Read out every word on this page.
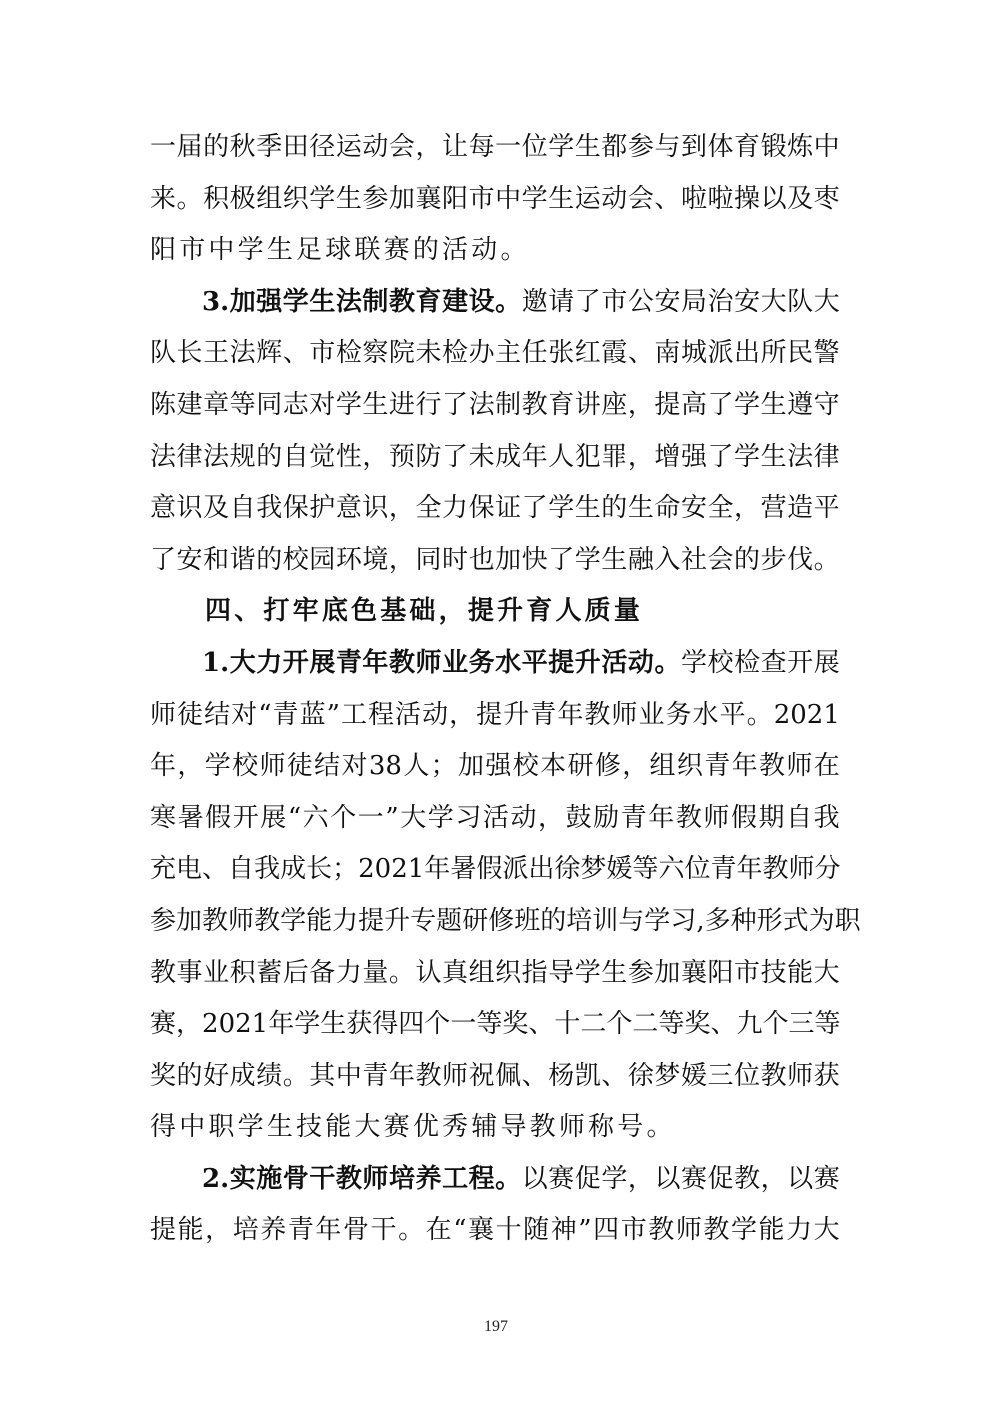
一 届 的 秋 季 田 径 运 动 会 ， 让 每 一 位 学 生 都 参 与 到 体 育 锻 炼 中
来 。 积 极 组 织 学 生 参 加 襄 阳 市 中 学 生 运 动 会 、 啦 啦 操 以 及 枣
阳 市 中 学 生 足 球 联 赛 的 活 动 。
3. 加 强 学 生 法 制 教 育 建 设 。 邀 请 了 市 公 安 局 治 安 大 队 大
队 长 王 法 辉 、 市 检 察 院 未 检 办 主 任 张 红 霞 、 南 城 派 出 所 民 警
陈 建 章 等 同 志 对 学 生 进 行 了 法 制 教 育 讲 座 ， 提 高 了 学 生 遵 守
法 律 法 规 的 自 觉 性 ， 预 防 了 未 成 年 人 犯 罪 ， 增 强 了 学 生 法 律
意 识 及 自 我 保 护 意 识 ， 全 力 保 证 了 学 生 的 生 命 安 全 ， 营 造 平
了 安 和 谐 的 校 园 环 境 ， 同 时 也 加 快 了 学 生 融 入 社 会 的 步 伐 。
四 、 打 牢 底 色 基 础 ， 提 升 育 人 质 量
1. 大 力 开 展 青 年 教 师 业 务 水 平 提 升 活 动 。 学 校 检 查 开 展
师 徒 结 对 “ 青 蓝 ” 工 程 活 动 ， 提 升 青 年 教 师 业 务 水 平 。 2021
年 ， 学 校 师 徒 结 对 38 人 ； 加 强 校 本 研 修 ， 组 织 青 年 教 师 在
寒 暑 假 开 展 “ 六 个 一 ” 大 学 习 活 动 ， 鼓 励 青 年 教 师 假 期 自 我
充 电 、 自 我 成 长 ； 2021 年 暑 假 派 出 徐 梦 媛 等 六 位 青 年 教 师 分
参 加 教 师 教 学 能 力 提 升 专 题 研 修 班 的 培 训 与 学 习 , 多 种 形 式 为 职
教 事 业 积 蓄 后 备 力 量 。 认 真 组 织 指 导 学 生 参 加 襄 阳 市 技 能 大
赛 ， 2021 年 学 生 获 得 四 个 一 等 奖 、 十 二 个 二 等 奖 、 九 个 三 等
奖 的 好 成 绩 。 其 中 青 年 教 师 祝 佩 、 杨 凯 、 徐 梦 媛 三 位 教 师 获
得 中 职 学 生 技 能 大 赛 优 秀 辅 导 教 师 称 号 。
2. 实 施 骨 干 教 师 培 养 工 程 。 以 赛 促 学 ， 以 赛 促 教 ， 以 赛
提 能 ， 培 养 青 年 骨 干 。 在 “ 襄 十 随 神 ” 四 市 教 师 教 学 能 力 大
197
